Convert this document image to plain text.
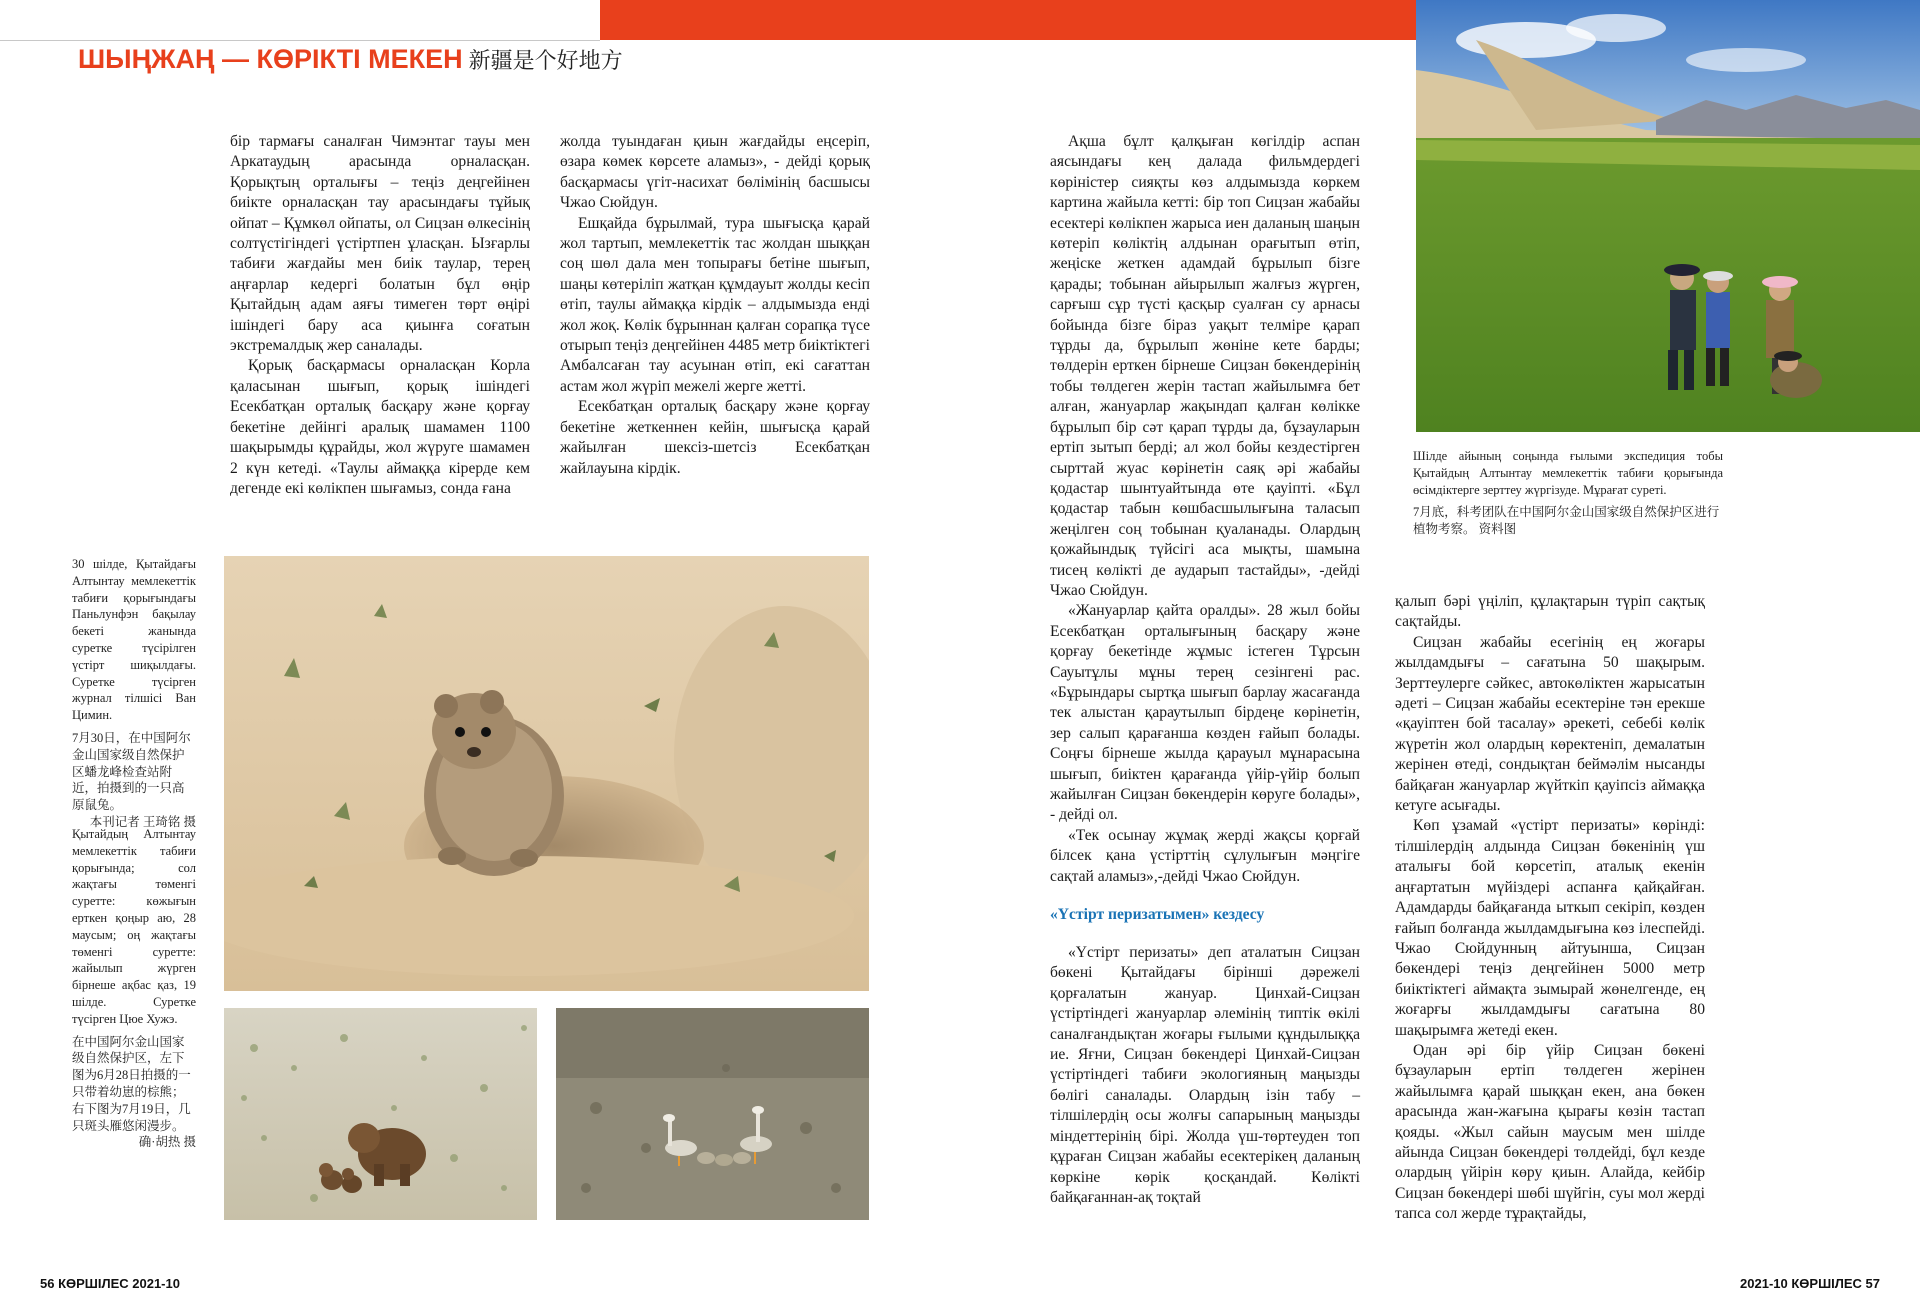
ШЫҢЖАҢ — КӨРІКТІ МЕКЕН 新疆是个好地方

бір тармағы саналған Чимэнтаг тауы мен Аркатаудың арасында орналасқан. Қорықтың орталығы – теңіз деңгейінен биікте орналасқан тау арасындағы тұйық ойпат – Құмкөл ойпаты, ол Сицзан өлкесінің солтүстігіндегі үстіртпен ұласқан. Ызғарлы табиғи жағдайы мен биік таулар, терең аңғарлар кедергі болатын бұл өңір Қытайдың адам аяғы тимеген төрт өңірі ішіндегі бару аса қиынға соғатын экстремалдық жер саналады.

Қорық басқармасы орналасқан Корла қаласынан шығып, қорық ішіндегі Есекбатқан орталық басқару және қорғау бекетіне дейінгі аралық шамамен 1100 шақырымды құрайды, жол жүруге шамамен 2 күн кетеді. «Таулы аймаққа кірерде кем дегенде екі көлікпен шығамыз, сонда ғана

жолда туындаған қиын жағдайды еңсеріп, өзара көмек көрсете аламыз», - дейді қорық басқармасы үгіт-насихат бөлімінің басшысы Чжао Сюйдун.

Ешқайда бұрылмай, тура шығысқа қарай жол тартып, мемлекеттік тас жолдан шыққан соң шөл дала мен топырағы бетіне шығып, шаңы көтеріліп жатқан құмдауыт жолды кесіп өтіп, таулы аймаққа кірдік – алдымызда енді жол жоқ. Көлік бұрыннан қалған сорапқа түсе отырып теңіз деңгейінен 4485 метр биіктіктегі Амбалсаған тау асуынан өтіп, екі сағаттан астам жол жүріп межелі жерге жетті.

Есекбатқан орталық басқару және қорғау бекетіне жеткеннен кейін, шығысқа қарай жайылған шексіз-шетсіз Есекбатқан жайлауына кірдік.

Ақша бұлт қалқыған көгілдір аспан аясындағы кең далада фильмдердегі көріністер сияқты көз алдымызда көркем картина жайыла кетті: бір топ Сицзан жабайы есектері көлікпен жарыса иен даланың шаңын көтеріп көліктің алдынан орағытып өтіп, жеңіске жеткен адамдай бұрылып бізге қарады; тобынан айырылып жалғыз жүрген, сарғыш сұр түсті қасқыр суалған су арнасы бойында бізге біраз уақыт телміре қарап тұрды да, бұрылып жөніне кете барды; төлдерін ерткен бірнеше Сицзан бөкендерінің тобы төлдеген жерін тастап жайылымға бет алған, жануарлар жақындап қалған көлікке бұрылып бір сәт қарап тұрды да, бұзауларын ертіп зытып берді; ал жол бойы кездестірген сырттай жуас көрінетін саяқ әрі жабайы қодастар шынтуайтында өте қауіпті. «Бұл қодастар табын көшбасшылығына таласып жеңілген соң тобынан қуаланады. Олардың қожайындық түйсігі аса мықты, шамына тисең көлікті де аударып тастайды», -дейді Чжао Сюйдун.

«Жануарлар қайта оралды». 28 жыл бойы Есекбатқан орталығының басқару және қорғау бекетінде жұмыс істеген Тұрсын Сауытұлы мұны терең сезінгені рас. «Бұрындары сыртқа шығып барлау жасағанда тек алыстан қараутылып бірдеңе көрінетін, зер салып қарағанша көзден ғайып болады. Соңғы бірнеше жылда қарауыл мұнарасына шығып, биіктен қарағанда үйір-үйір болып жайылған Сицзан бөкендерін көруге болады», - дейді ол.

«Тек осынау жұмақ жерді жақсы қорғай білсек қана үстірттің сұлулығын мәңгіге сақтай аламыз»,-дейді Чжао Сюйдун.

«Үстірт перизатымен» кездесу

«Үстірт перизаты» деп аталатын Сицзан бөкені Қытайдағы бірінші дәрежелі қорғалатын жануар. Цинхай-Сицзан үстіртіндегі жануарлар әлемінің типтік өкілі саналғандықтан жоғары ғылыми құндылыққа ие. Яғни, Сицзан бөкендері Цинхай-Сицзан үстіртіндегі табиғи экологияның маңызды бөлігі саналады. Олардың ізін табу – тілшілердің осы жолғы сапарының маңызды міндеттерінің бірі. Жолда үш-төртеуден топ құраған Сицзан жабайы есектерікең даланың көркіне көрік қосқандай. Көлікті байқағаннан-ақ тоқтай

қалып бәрі үңіліп, құлақтарын түріп сақтық сақтайды.

Сицзан жабайы есегінің ең жоғары жылдамдығы – сағатына 50 шақырым. Зерттеулерге сәйкес, автокөліктен жарысатын әдеті – Сицзан жабайы есектеріне тән ерекше «қауіптен бой тасалау» әрекеті, себебі көлік жүретін жол олардың көректеніп, демалатын жерінен өтеді, сондықтан беймәлім нысанды байқаған жануарлар жүйткіп қауіпсіз аймаққа кетуге асығады.

Көп ұзамай «үстірт перизаты» көрінді: тілшілердің алдында Сицзан бөкенінің үш аталығы бой көрсетіп, аталық екенін аңғартатын мүйіздері аспанға қайқайған. Адамдарды байқағанда ыткып секіріп, көзден ғайып болғанда жылдамдығына көз ілеспейді. Чжао Сюйдунның айтуынша, Сицзан бөкендері теңіз деңгейінен 5000 метр биіктіктегі аймақта зымырай жөнелгенде, ең жоғарғы жылдамдығы сағатына 80 шақырымға жетеді екен.

Одан әрі бір үйір Сицзан бөкені бұзауларын ертіп төлдеген жерінен жайылымға қарай шыққан екен, ана бөкен арасында жан-жағына қырағы көзін тастап қояды. «Жыл сайын маусым мен шілде айында Сицзан бөкендері төлдейді, бұл кезде олардың үйірін көру қиын. Алайда, кейбір Сицзан бөкендері шөбі шүйгін, суы мол жерді тапса сол жерде тұрақтайды,

30 шілде, Қытайдағы Алтынтау мемлекеттік табиғи қорығындағы Паньлунфэн бақылау бекеті жанында суретке түсірілген үстірт шиқылдағы. Суретке түсірген журнал тілшісі Ван Цимин.

7月30日，在中国阿尔金山国家级自然保护区蟠龙峰检查站附近，拍摄到的一只高原鼠兔。

本刊记者 王琦铭 摄

Қытайдың Алтынтау мемлекеттік табиғи қорығында; сол жақтағы төменгі суретте: көжығын ерткен қоңыр аю, 28 маусым; оң жақтағы төменгі суретте: жайылып жүрген бірнеше ақбас қаз, 19 шілде. Суретке түсірген Цюе Хужэ.

在中国阿尔金山国家级自然保护区，左下图为6月28日拍摄的一只带着幼崽的棕熊；右下图为7月19日，几只斑头雁悠闲漫步。

确·胡热 摄

Шілде айының соңында ғылыми экспедиция тобы Қытайдың Алтынтау мемлекеттік табиғи қорығында өсімдіктерге зерттеу жүргізуде. Мұрағат суреті.

7月底，科考团队在中国阿尔金山国家级自然保护区进行植物考察。 资料图

56 КӨРШІЛЕС 2021-10	2021-10 КӨРШІЛЕС 57
